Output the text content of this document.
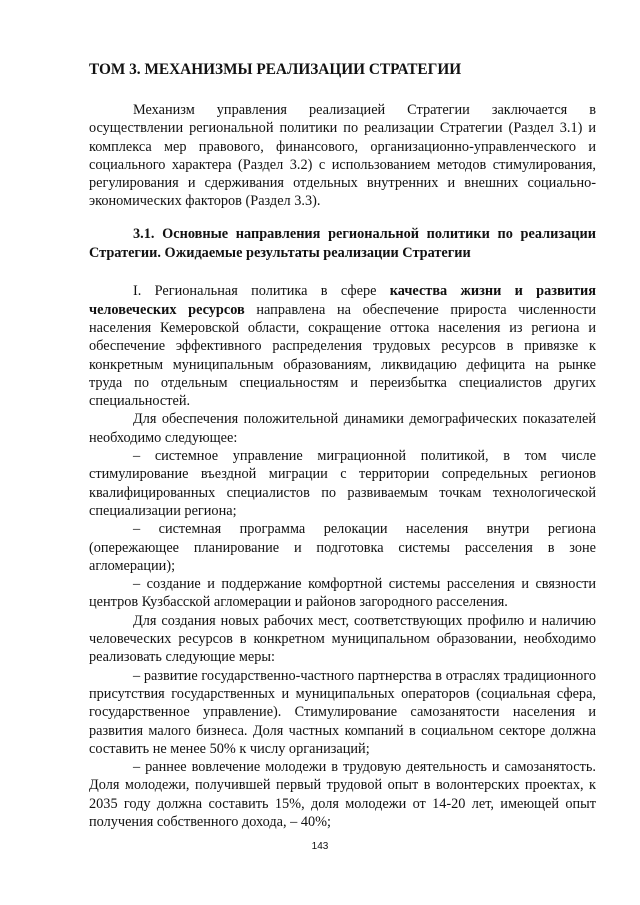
ТОМ 3. МЕХАНИЗМЫ РЕАЛИЗАЦИИ СТРАТЕГИИ

Механизм управления реализацией Стратегии заключается в осуществлении региональной политики по реализации Стратегии (Раздел 3.1) и комплекса мер правового, финансового, организационно-управленческого и социального характера (Раздел 3.2) с использованием методов стимулирования, регулирования и сдерживания отдельных внутренних и внешних социально-экономических факторов (Раздел 3.3).

3.1. Основные направления региональной политики по реализации Стратегии. Ожидаемые результаты реализации Стратегии

I. Региональная политика в сфере качества жизни и развития человеческих ресурсов направлена на обеспечение прироста численности населения Кемеровской области, сокращение оттока населения из региона и обеспечение эффективного распределения трудовых ресурсов в привязке к конкретным муниципальным образованиям, ликвидацию дефицита на рынке труда по отдельным специальностям и переизбытка специалистов других специальностей.

Для обеспечения положительной динамики демографических показателей необходимо следующее:

– системное управление миграционной политикой, в том числе стимулирование въездной миграции с территории сопредельных регионов квалифицированных специалистов по развиваемым точкам технологической специализации региона;

– системная программа релокации населения внутри региона (опережающее планирование и подготовка системы расселения в зоне агломерации);

– создание и поддержание комфортной системы расселения и связности центров Кузбасской агломерации и районов загородного расселения.

Для создания новых рабочих мест, соответствующих профилю и наличию человеческих ресурсов в конкретном муниципальном образовании, необходимо реализовать следующие меры:

– развитие государственно-частного партнерства в отраслях традиционного присутствия государственных и муниципальных операторов (социальная сфера, государственное управление). Стимулирование самозанятости населения и развития малого бизнеса. Доля частных компаний в социальном секторе должна составить не менее 50% к числу организаций;

– раннее вовлечение молодежи в трудовую деятельность и самозанятость. Доля молодежи, получившей первый трудовой опыт в волонтерских проектах, к 2035 году должна составить 15%, доля молодежи от 14-20 лет, имеющей опыт получения собственного дохода, – 40%;

143
